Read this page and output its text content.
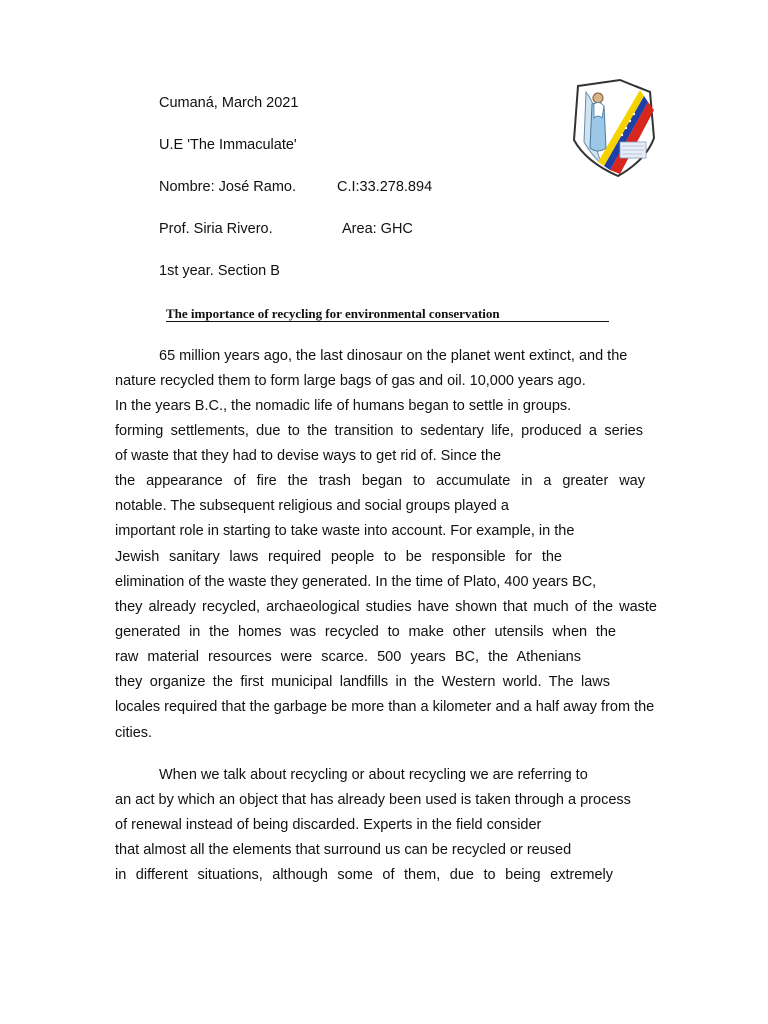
Cumaná, March 2021
U.E 'The Immaculate'
Nombre: José Ramo.	C.I:33.278.894
Prof. Siria Rivero.	Area: GHC
1st year. Section B
The importance of recycling for environmental conservation
65 million years ago, the last dinosaur on the planet went extinct, and the
nature recycled them to form large bags of gas and oil. 10,000 years ago.
In the years B.C., the nomadic life of humans began to settle in groups.
forming settlements, due to the transition to sedentary life, produced a series
of waste that they had to devise ways to get rid of. Since the
the appearance of fire the trash began to accumulate in a greater way
notable. The subsequent religious and social groups played a
important role in starting to take waste into account. For example, in the
Jewish sanitary laws required people to be responsible for the
elimination of the waste they generated. In the time of Plato, 400 years BC,
they already recycled, archaeological studies have shown that much of the waste
generated in the homes was recycled to make other utensils when the
raw material resources were scarce. 500 years BC, the Athenians
they organize the first municipal landfills in the Western world. The laws
locales required that the garbage be more than a kilometer and a half away from the
cities.
When we talk about recycling or about recycling we are referring to
an act by which an object that has already been used is taken through a process
of renewal instead of being discarded. Experts in the field consider
that almost all the elements that surround us can be recycled or reused
in different situations, although some of them, due to being extremely
